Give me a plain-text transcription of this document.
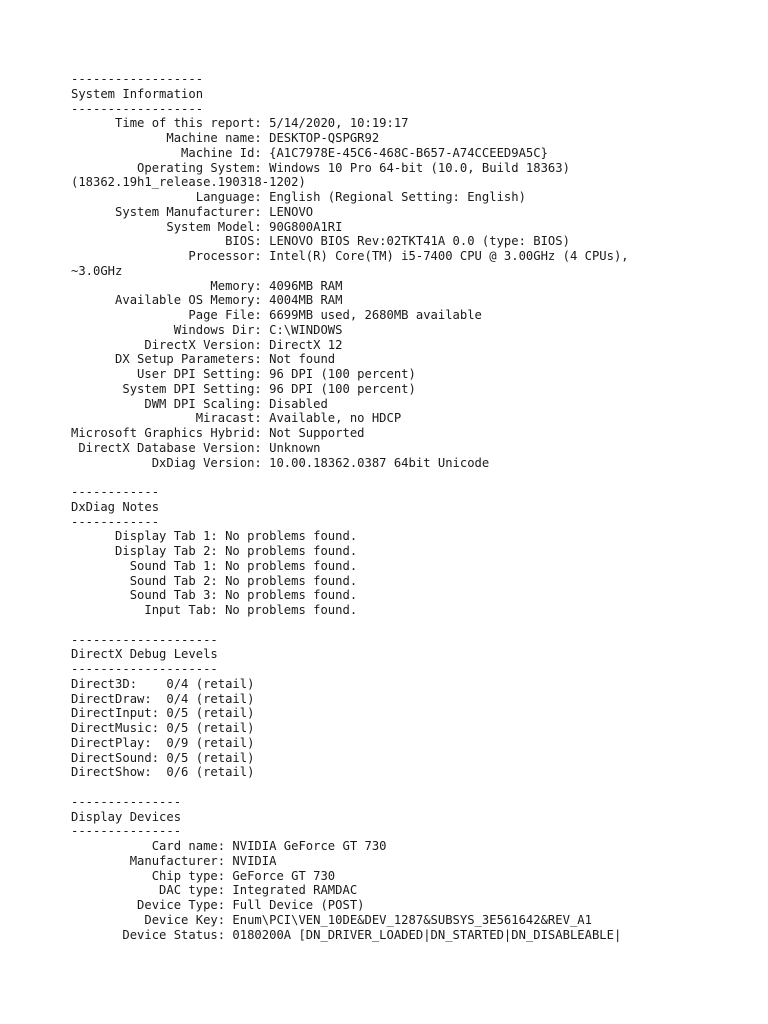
------------------
System Information
------------------
Time of this report: 5/14/2020, 10:19:17
Machine name: DESKTOP-QSPGR92
Machine Id: {A1C7978E-45C6-468C-B657-A74CCEED9A5C}
Operating System: Windows 10 Pro 64-bit (10.0, Build 18363)
(18362.19h1_release.190318-1202)
Language: English (Regional Setting: English)
System Manufacturer: LENOVO
System Model: 90G800A1RI
BIOS: LENOVO BIOS Rev:02TKT41A 0.0 (type: BIOS)
Processor: Intel(R) Core(TM) i5-7400 CPU @ 3.00GHz (4 CPUs),
~3.0GHz
Memory: 4096MB RAM
Available OS Memory: 4004MB RAM
Page File: 6699MB used, 2680MB available
Windows Dir: C:\WINDOWS
DirectX Version: DirectX 12
DX Setup Parameters: Not found
User DPI Setting: 96 DPI (100 percent)
System DPI Setting: 96 DPI (100 percent)
DWM DPI Scaling: Disabled
Miracast: Available, no HDCP
Microsoft Graphics Hybrid: Not Supported
DirectX Database Version: Unknown
DxDiag Version: 10.00.18362.0387 64bit Unicode
------------
DxDiag Notes
------------
Display Tab 1: No problems found.
Display Tab 2: No problems found.
Sound Tab 1: No problems found.
Sound Tab 2: No problems found.
Sound Tab 3: No problems found.
Input Tab: No problems found.
--------------------
DirectX Debug Levels
--------------------
Direct3D:    0/4 (retail)
DirectDraw:  0/4 (retail)
DirectInput: 0/5 (retail)
DirectMusic: 0/5 (retail)
DirectPlay:  0/9 (retail)
DirectSound: 0/5 (retail)
DirectShow:  0/6 (retail)
---------------
Display Devices
---------------
Card name: NVIDIA GeForce GT 730
Manufacturer: NVIDIA
Chip type: GeForce GT 730
DAC type: Integrated RAMDAC
Device Type: Full Device (POST)
Device Key: Enum\PCI\VEN_10DE&DEV_1287&SUBSYS_3E561642&REV_A1
Device Status: 0180200A [DN_DRIVER_LOADED|DN_STARTED|DN_DISABLEABLE|
